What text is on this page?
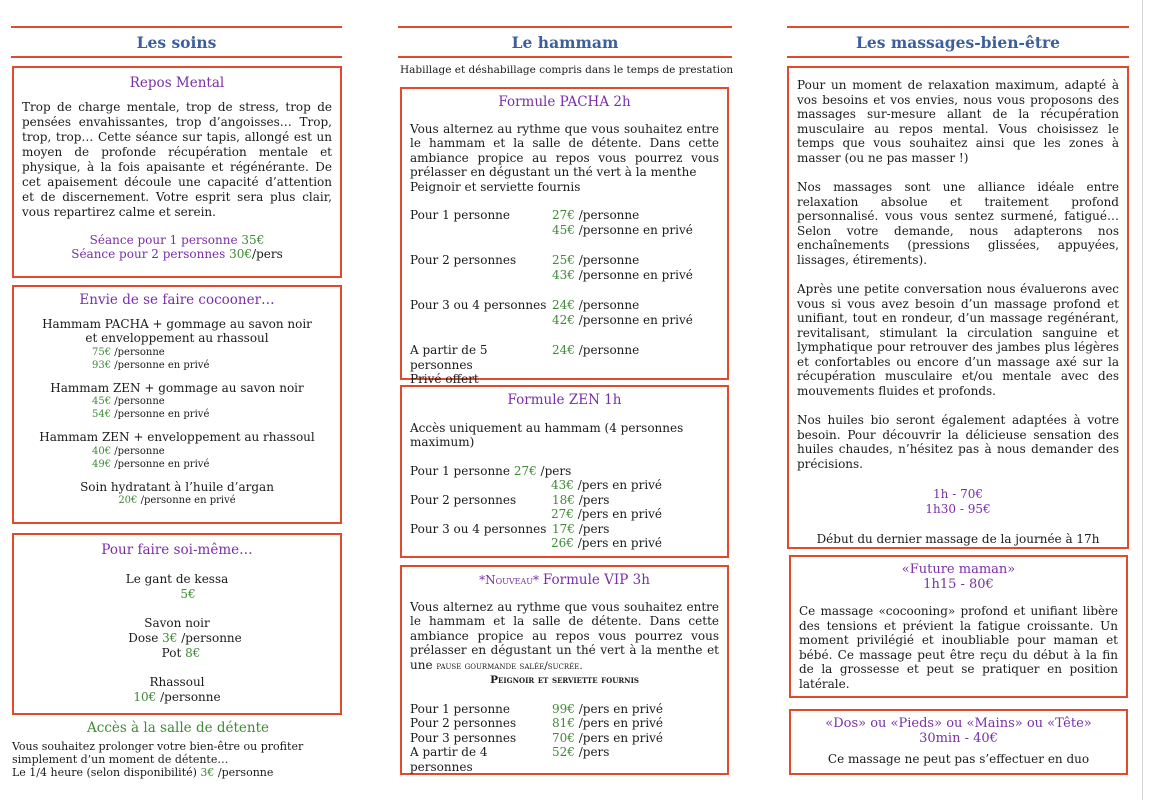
Les soins
Repos Mental
Trop de charge mentale, trop de stress, trop de pensées envahissantes, trop d’angoisses… Trop, trop, trop… Cette séance sur tapis, allongé est un moyen de profonde récupération mentale et physique, à la fois apaisante et régénérante. De cet apaisement découle une capacité d’attention et de discernement. Votre esprit sera plus clair, vous repartirez calme et serein.
Séance pour 1 personne 35€
Séance pour 2 personnes 30€/pers
Envie de se faire cocooner…
Hammam PACHA + gommage au savon noir
et enveloppement au rhassoul
75€ /personne
93€ /personne en privé
Hammam ZEN + gommage au savon noir
45€ /personne
54€ /personne en privé
Hammam ZEN + enveloppement au rhassoul
40€ /personne
49€ /personne en privé
Soin hydratant à l’huile d’argan
20€ /personne en privé
Pour faire soi-même…
Le gant de kessa
5€
Savon noir
Dose 3€ /personne
Pot 8€
Rhassoul
10€ /personne
Accès à la salle de détente
Vous souhaitez prolonger votre bien-être ou profiter simplement d’un moment de détente…
Le 1/4 heure (selon disponibilité) 3€ /personne
Le hammam
Habillage et déshabillage compris dans le temps de prestation
Formule PACHA 2h
Vous alternez au rythme que vous souhaitez entre le hammam et la salle de détente. Dans cette ambiance propice au repos vous pourrez vous prélasser en dégustant un thé vert à la menthe
Peignoir et serviette fournis
Pour 1 personne	27€ /personne
45€ /personne en privé
Pour 2 personnes	25€ /personne
43€ /personne en privé
Pour 3 ou 4 personnes 24€ /personne
42€ /personne en privé
A partir de 5 personnes
24€ /personne
Privé offert
Formule ZEN 1h
Accès uniquement au hammam (4 personnes maximum)
Pour 1 personne 27€ /pers
43€ /pers en privé
Pour 2 personnes	18€ /pers
27€ /pers en privé
Pour 3 ou 4 personnes 17€ /pers
26€ /pers en privé
*Nouveau* Formule VIP 3h
Vous alternez au rythme que vous souhaitez entre le hammam et la salle de détente. Dans cette ambiance propice au repos vous pourrez vous prélasser en dégustant un thé vert à la menthe et une pause gourmande salée/sucrée.
Peignoir et serviette fournis
Pour 1 personne	99€ /pers en privé
Pour 2 personnes	81€ /pers en privé
Pour 3 personnes	70€ /pers en privé
A partir de 4 personnes
52€ /pers
Les massages-bien-être
Pour un moment de relaxation maximum, adapté à vos besoins et vos envies, nous vous proposons des massages sur-mesure allant de la récupération musculaire au repos mental. Vous choisissez le temps que vous souhaitez ainsi que les zones à masser (ou ne pas masser !)
Nos massages sont une alliance idéale entre relaxation absolue et traitement profond personnalisé. vous vous sentez surmené, fatigué… Selon votre demande, nous adapterons nos enchaînements (pressions glissées, appuyées, lissages, étirements).
Après une petite conversation nous évaluerons avec vous si vous avez besoin d’un massage profond et unifiant, tout en rondeur, d’un massage regénérant, revitalisant, stimulant la circulation sanguine et lymphatique pour retrouver des jambes plus légères et confortables ou encore d’un massage axé sur la récupération musculaire et/ou mentale avec des mouvements fluides et profonds.
Nos huiles bio seront également adaptées à votre besoin. Pour découvrir la délicieuse sensation des huiles chaudes, n’hésitez pas à nous demander des précisions.
1h - 70€
1h30 - 95€
Début du dernier massage de la journée à 17h
«Future maman»
1h15 - 80€
Ce massage «cocooning» profond et unifiant libère des tensions et prévient la fatigue croissante. Un moment privilégié et inoubliable pour maman et bébé. Ce massage peut être reçu du début à la fin de la grossesse et peut se pratiquer en position latérale.
«Dos» ou «Pieds» ou «Mains» ou «Tête»
30min - 40€
Ce massage ne peut pas s’effectuer en duo
